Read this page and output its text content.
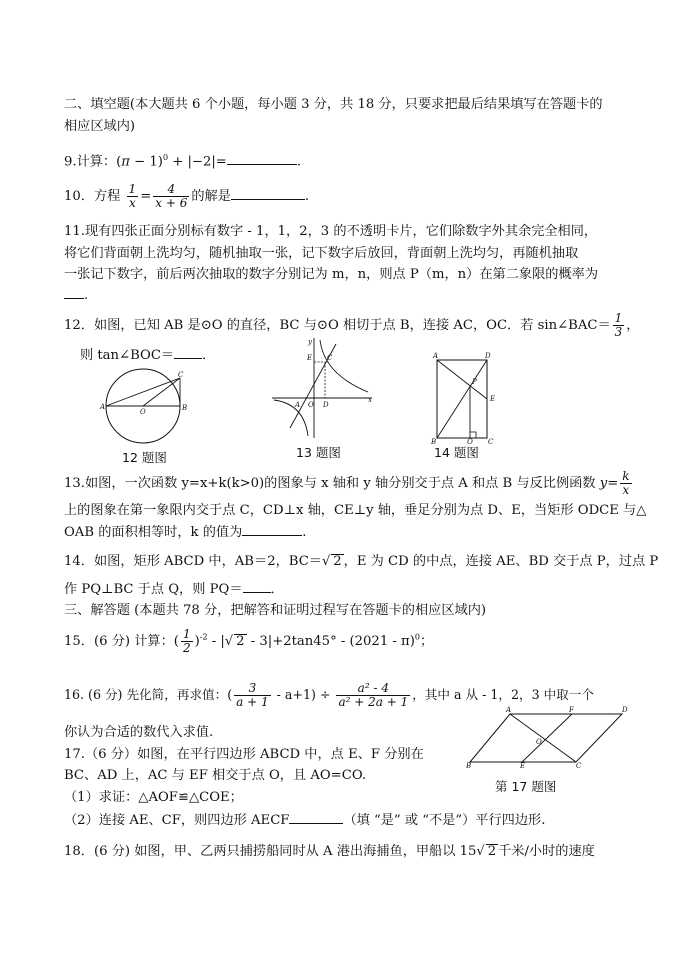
二、填空题(本大题共 6 个小题，每小题 3 分，共 18 分，只要求把最后结果填写在答题卡的
相应区域内)
9.计算：$(\pi - 1)^0 + |-2|=$	.
10．方程 $\frac{1}{x} = \frac{4}{x + 6}$ 的解是	.
11.现有四张正面分别标有数字 - 1，1，2，3 的不透明卡片，它们除数字外其余完全相同，
将它们背面朝上洗均匀，随机抽取一张，记下数字后放回，背面朝上洗均匀，再随机抽取
一张记下数字，前后两次抽取的数字分别记为 m，n，则点 P（m，n）在第二象限的概率为
.
12．如图，已知 AB 是⊙O 的直径，BC 与⊙O 相切于点 B，连接 AC，OC．若 sin∠BAC＝ $\frac{1}{3}$ ，
则 tan∠BOC＝ ．
A	B
C
O
12 题图
y
x
E C
A O D
13 题图
A	D
B	C
E
P
Q
14 题图
13.如图，一次函数 y=x+k(k>0)的图象与 x 轴和 y 轴分别交于点 A 和点 B 与反比例函数 $y= \frac{k}{x}$
上的图象在第一象限内交于点 C，CD⊥x 轴，CE⊥y 轴，垂足分别为点 D、E，当矩形 ODCE 与△
OAB 的面积相等时，k 的值为	.
14．如图，矩形 ABCD 中，AB＝2，BC＝√ 2 ，E 为 CD 的中点，连接 AE、BD 交于点 P，过点 P
作 PQ⊥BC 于点 Q，则 PQ＝ ．
三、解答题 (本题共 78 分，把解答和证明过程写在答题卡的相应区域内)
15．(6 分) 计算：( $\frac{1}{2} )^{-2}$ - |√ 2 - 3|+2tan45° - (2021 - π)$^0$；
16. (6 分) 先化简，再求值：( $\frac{3}{a + 1} - a+1) \div \frac{\text{a² - 4}}{\text{a² + 2a + 1}}$ ，其中 a 从 - 1，2，3 中取一个
你认为合适的数代入求值.
17.（6 分）如图，在平行四边形 ABCD 中，点 E、F 分别在
BC、AD 上，AC 与 EF 相交于点 O，且 AO=CO.
（1）求证：△AOF≌△COE；
（2）连接 AE、CF，则四边形 AECF	（填 “是” 或 “不是”）平行四边形.
A	F	D
B	E	C
O
第 17 题图
18．(6 分) 如图，甲、乙两只捕捞船同时从 A 港出海捕鱼，甲船以 15√ 2 千米/小时的速度
